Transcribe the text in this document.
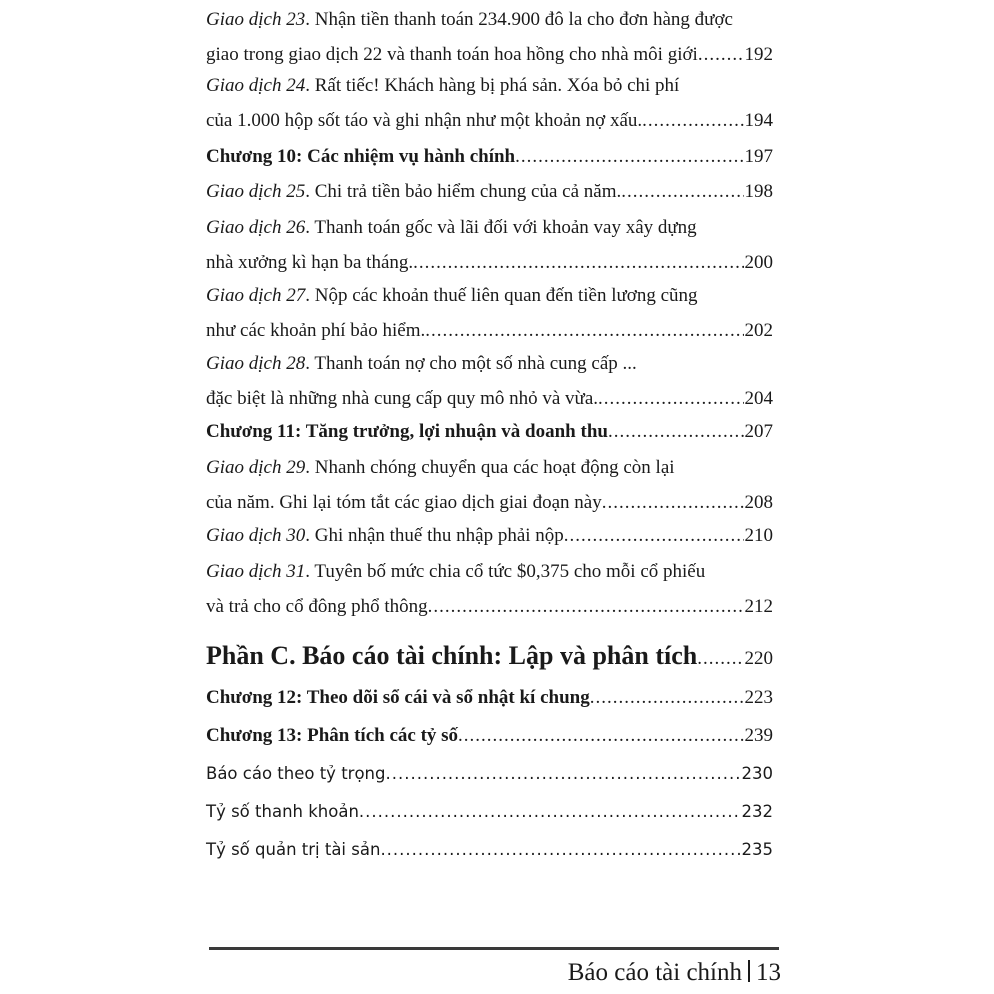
Giao dịch 23. Nhận tiền thanh toán 234.900 đô la cho đơn hàng được
giao trong giao dịch 22 và thanh toán hoa hồng cho nhà môi giới ..... 192
Giao dịch 24. Rất tiếc! Khách hàng bị phá sản. Xóa bỏ chi phí
của 1.000 hộp sốt táo và ghi nhận như một khoản nợ xấu. .....	194
Chương 10: Các nhiệm vụ hành chính .....	197
Giao dịch 25. Chi trả tiền bảo hiểm chung của cả năm. .....	198
Giao dịch 26. Thanh toán gốc và lãi đối với khoản vay xây dựng
nhà xưởng kì hạn ba tháng. .....	200
Giao dịch 27. Nộp các khoản thuế liên quan đến tiền lương cũng
như các khoản phí bảo hiểm. .....	202
Giao dịch 28. Thanh toán nợ cho một số nhà cung cấp ...
đặc biệt là những nhà cung cấp quy mô nhỏ và vừa. .....	204
Chương 11: Tăng trưởng, lợi nhuận và doanh thu .....	207
Giao dịch 29. Nhanh chóng chuyển qua các hoạt động còn lại
của năm. Ghi lại tóm tắt các giao dịch giai đoạn này .....	208
Giao dịch 30. Ghi nhận thuế thu nhập phải nộp .....	210
Giao dịch 31. Tuyên bố mức chia cổ tức $0,375 cho mỗi cổ phiếu
và trả cho cổ đông phổ thông .....	212
Phần C. Báo cáo tài chính: Lập và phân tích ..... 220
Chương 12: Theo dõi sổ cái và sổ nhật kí chung .....	223
Chương 13: Phân tích các tỷ số .....	239
Báo cáo theo tỷ trọng .....	230
Tỷ số thanh khoản .....	232
Tỷ số quản trị tài sản .....	235
Báo cáo tài chính 13
